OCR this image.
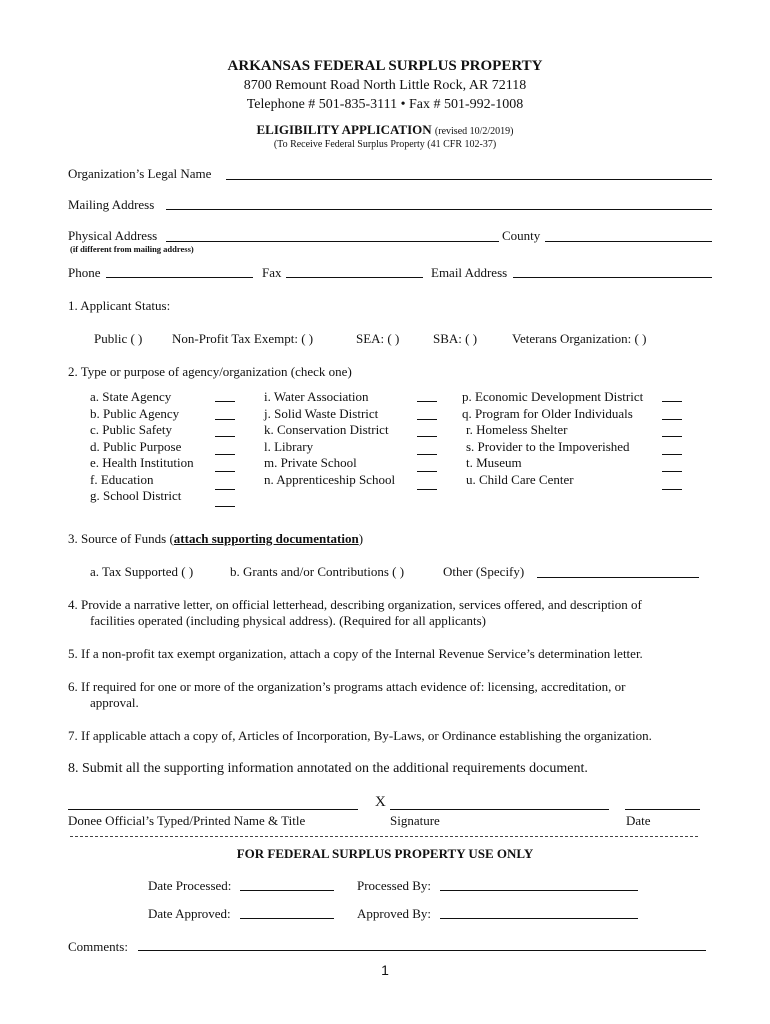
ARKANSAS FEDERAL SURPLUS PROPERTY
8700 Remount Road North Little Rock, AR 72118
Telephone # 501-835-3111 • Fax # 501-992-1008
ELIGIBILITY APPLICATION (revised 10/2/2019)
(To Receive Federal Surplus Property (41 CFR 102-37)
Organization’s Legal Name
Mailing Address
Physical Address	County
(if different from mailing address)
Phone	Fax	Email Address
1. Applicant Status:
Public ( ) Non-Profit Tax Exempt: ( )	SEA: ( )	SBA: ( )	Veterans Organization: ( )
2. Type or purpose of agency/organization (check one)
a. State Agency
b. Public Agency
c. Public Safety
d. Public Purpose
e. Health Institution
f. Education
g. School District
i. Water Association
j. Solid Waste District
k. Conservation District
l. Library
m. Private School
n. Apprenticeship School
p. Economic Development District
q. Program for Older Individuals
r. Homeless Shelter
s. Provider to the Impoverished
t. Museum
u. Child Care Center
3. Source of Funds (attach supporting documentation)
a. Tax Supported ( )	b. Grants and/or Contributions ( )	Other (Specify)
4. Provide a narrative letter, on official letterhead, describing organization, services offered, and description of
facilities operated (including physical address). (Required for all applicants)
5. If a non-profit tax exempt organization, attach a copy of the Internal Revenue Service’s determination letter.
6. If required for one or more of the organization’s programs attach evidence of: licensing, accreditation, or
approval.
7. If applicable attach a copy of, Articles of Incorporation, By-Laws, or Ordinance establishing the organization.
8. Submit all the supporting information annotated on the additional requirements document.
X
Donee Official’s Typed/Printed Name & Title	Signature	Date
FOR FEDERAL SURPLUS PROPERTY USE ONLY
Date Processed:	Processed By:
Date Approved:	Approved By:
Comments:
1
